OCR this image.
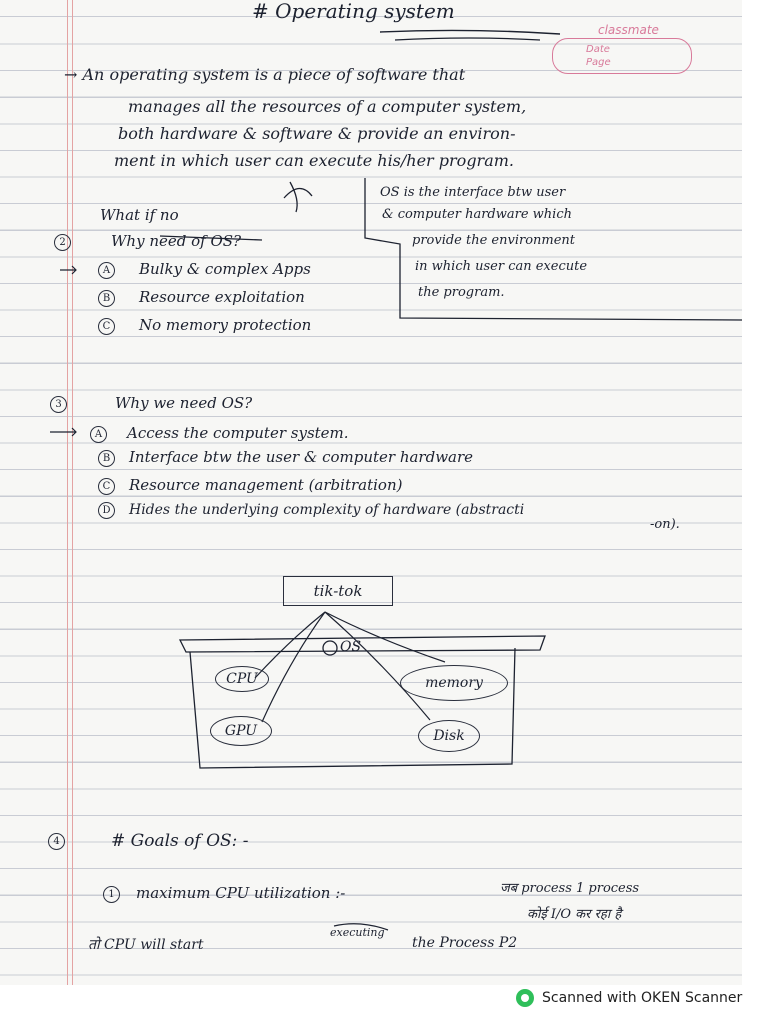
# Operating system
classmate
Date
Page
→ An operating system is a piece of software that
manages all the resources of a computer system,
both hardware & software & provide an environ-
ment in which user can execute his/her program.
OS is the interface btw user
& computer hardware which
provide the environment
in which user can execute
the program.
What if no
2	Why need of OS?
A Bulky & complex Apps
B Resource exploitation
C No memory protection
3	Why we need OS?
A Access the computer system.
B Interface btw the user & computer hardware
C Resource management (arbitration)
D Hides the underlying complexity of hardware (abstracti
-on).
tik-tok
OS
CPU	memory
GPU	Disk
4	# Goals of OS: -
1 maximum CPU utilization :-	जब process 1 process
कोई I/O कर रहा है
तो CPU will start
executing
the Process P2
Scanned with OKEN Scanner
